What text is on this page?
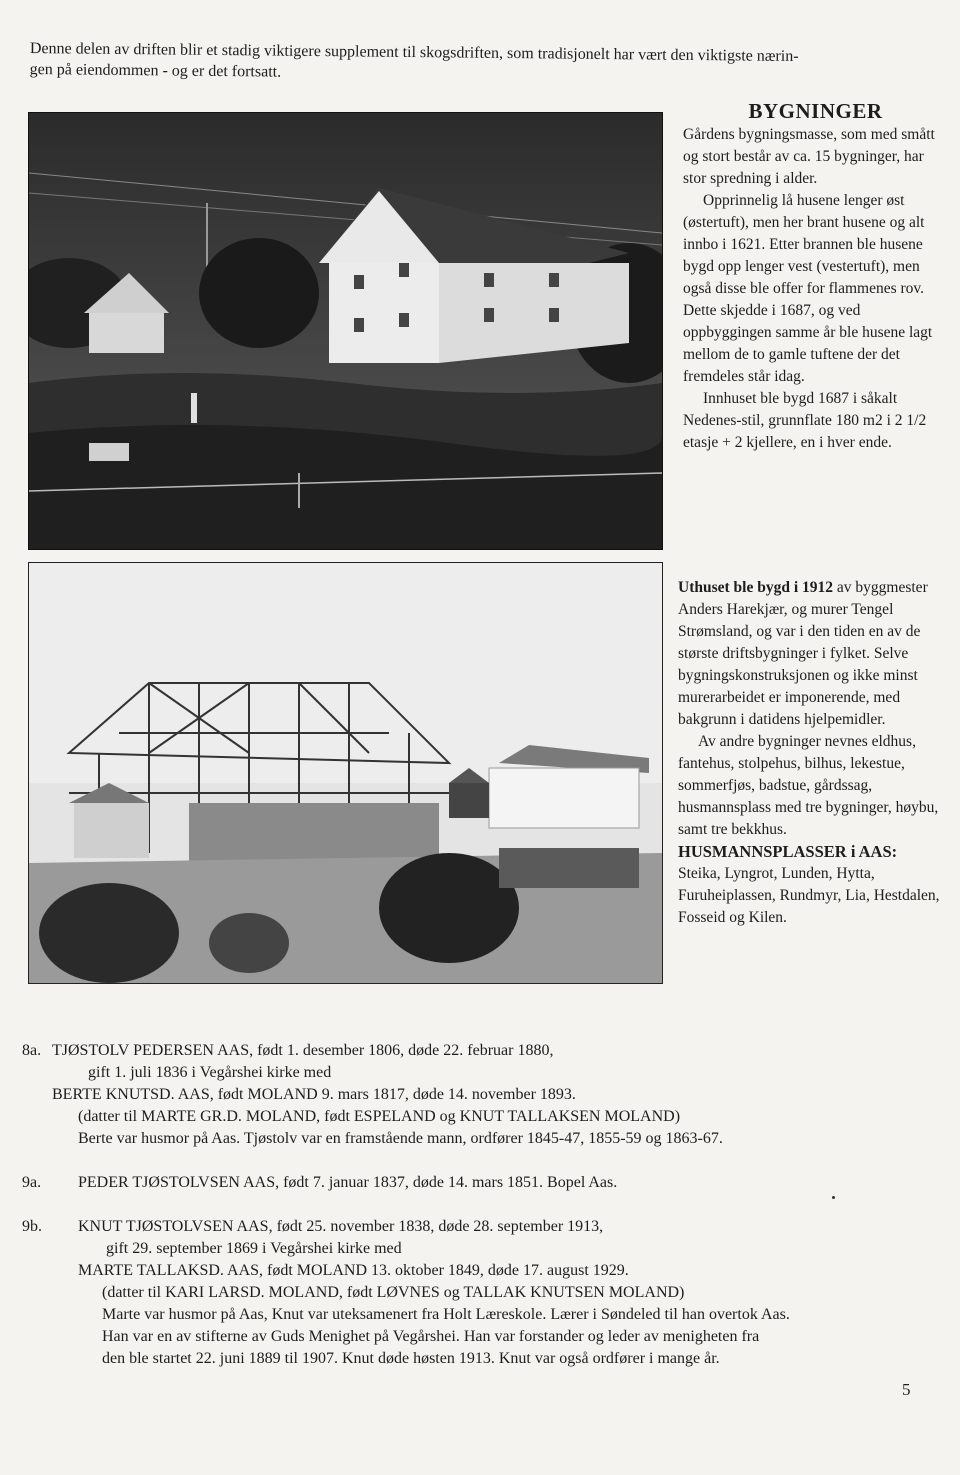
Denne delen av driften blir et stadig viktigere supplement til skogsdriften, som tradisjonelt har vært den viktigste nærin-
gen på eiendommen - og er det fortsatt.
BYGNINGER

Gårdens bygningsmasse, som med smått og stort består av ca. 15 bygninger, har stor spredning i alder.

Opprinnelig lå husene lenger øst (østertuft), men her brant husene og alt innbo i 1621. Etter brannen ble husene bygd opp lenger vest (vestertuft), men også disse ble offer for flammenes rov. Dette skjedde i 1687, og ved oppbyggingen samme år ble husene lagt mellom de to gamle tuftene der det fremdeles står idag.

Innhuset ble bygd 1687 i såkalt Nedenes-stil, grunnflate 180 m2 i 2 1/2 etasje + 2 kjellere, en i hver ende.

Uthuset ble bygd i 1912 av byggmester Anders Harekjær, og murer Tengel Strømsland, og var i den tiden en av de største driftsbygninger i fylket. Selve bygningskonstruksjonen og ikke minst murerarbeidet er imponerende, med bakgrunn i datidens hjelpemidler.

Av andre bygninger nevnes eldhus, fantehus, stolpehus, bilhus, lekestue, sommerfjøs, badstue, gårdssag, husmannsplass med tre bygninger, høybu, samt tre bekkhus.

HUSMANNSPLASSER i AAS:

Steika, Lyngrot, Lunden, Hytta, Furuheiplassen, Rundmyr, Lia, Hestdalen, Fosseid og Kilen.

8a. TJØSTOLV PEDERSEN AAS, født 1. desember 1806, døde 22. februar 1880,
gift 1. juli 1836 i Vegårshei kirke med
BERTE KNUTSD. AAS, født MOLAND 9. mars 1817, døde 14. november 1893.
(datter til MARTE GR.D. MOLAND, født ESPELAND og KNUT TALLAKSEN MOLAND)
Berte var husmor på Aas. Tjøstolv var en framstående mann, ordfører 1845-47, 1855-59 og 1863-67.
9a. PEDER TJØSTOLVSEN AAS, født 7. januar 1837, døde 14. mars 1851. Bopel Aas.
9b. KNUT TJØSTOLVSEN AAS, født 25. november 1838, døde 28. september 1913,
gift 29. september 1869 i Vegårshei kirke med
MARTE TALLAKSD. AAS, født MOLAND 13. oktober 1849, døde 17. august 1929.
(datter til KARI LARSD. MOLAND, født LØVNES og TALLAK KNUTSEN MOLAND)
Marte var husmor på Aas, Knut var uteksamenert fra Holt Læreskole. Lærer i Søndeled til han overtok Aas.
Han var en av stifterne av Guds Menighet på Vegårshei. Han var forstander og leder av menigheten fra
den ble startet 22. juni 1889 til 1907. Knut døde høsten 1913. Knut var også ordfører i mange år.
5
